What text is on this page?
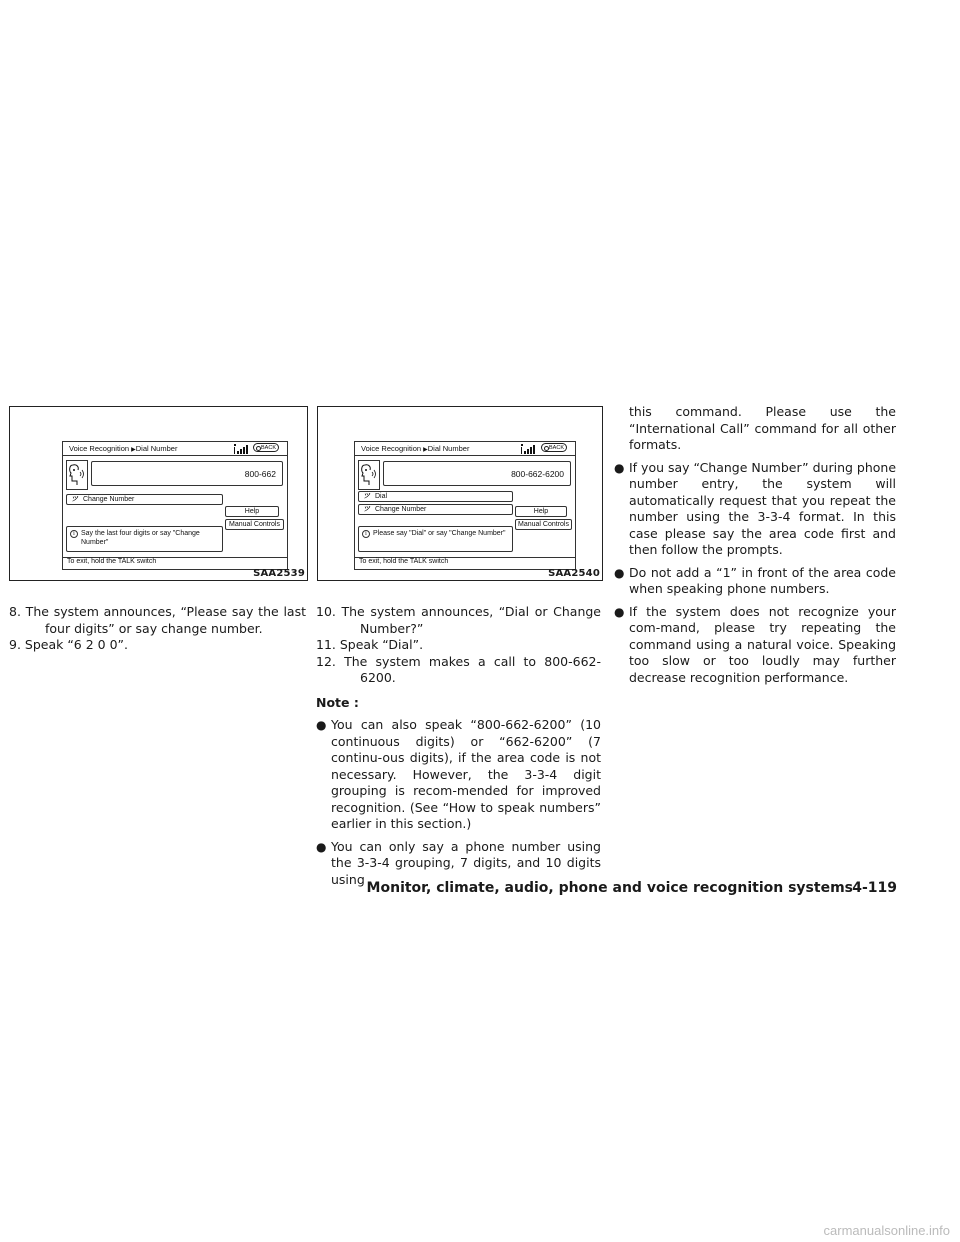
Voice Recognition ▶Dial Number	BACK
800-662
ツ Change Number
Help
Manual Controls
i Say the last four digits or say "Change Number"
To exit, hold the TALK switch
SAA2539
Voice Recognition ▶Dial Number	BACK
800-662-6200
ツ Dial
ツ Change Number	Help
Manual Controls
i Please say "Dial" or say "Change Number"
To exit, hold the TALK switch
SAA2540

8. The system announces, “Please say the last four digits” or say change number.

9. Speak “6 2 0 0”.

10. The system announces, “Dial or Change Number?”

11. Speak “Dial”.

12. The system makes a call to 800-662-6200.

Note :

● You can also speak “800-662-6200” (10 continuous digits) or “662-6200” (7 continu-ous digits), if the area code is not necessary. However, the 3-3-4 digit grouping is recom-mended for improved recognition. (See “How to speak numbers” earlier in this section.)
● You can only say a phone number using the 3-3-4 grouping, 7 digits, and 10 digits using

this command. Please use the “International Call” command for all other formats.

● If you say “Change Number” during phone number entry, the system will automatically request that you repeat the number using the 3-3-4 format. In this case please say the area code first and then follow the prompts.
● Do not add a “1” in front of the area code when speaking phone numbers.
● If the system does not recognize your com-mand, please try repeating the command using a natural voice. Speaking too slow or too loudly may further decrease recognition performance.
Monitor, climate, audio, phone and voice recognition systems 4-119
carmanualsonline.info
